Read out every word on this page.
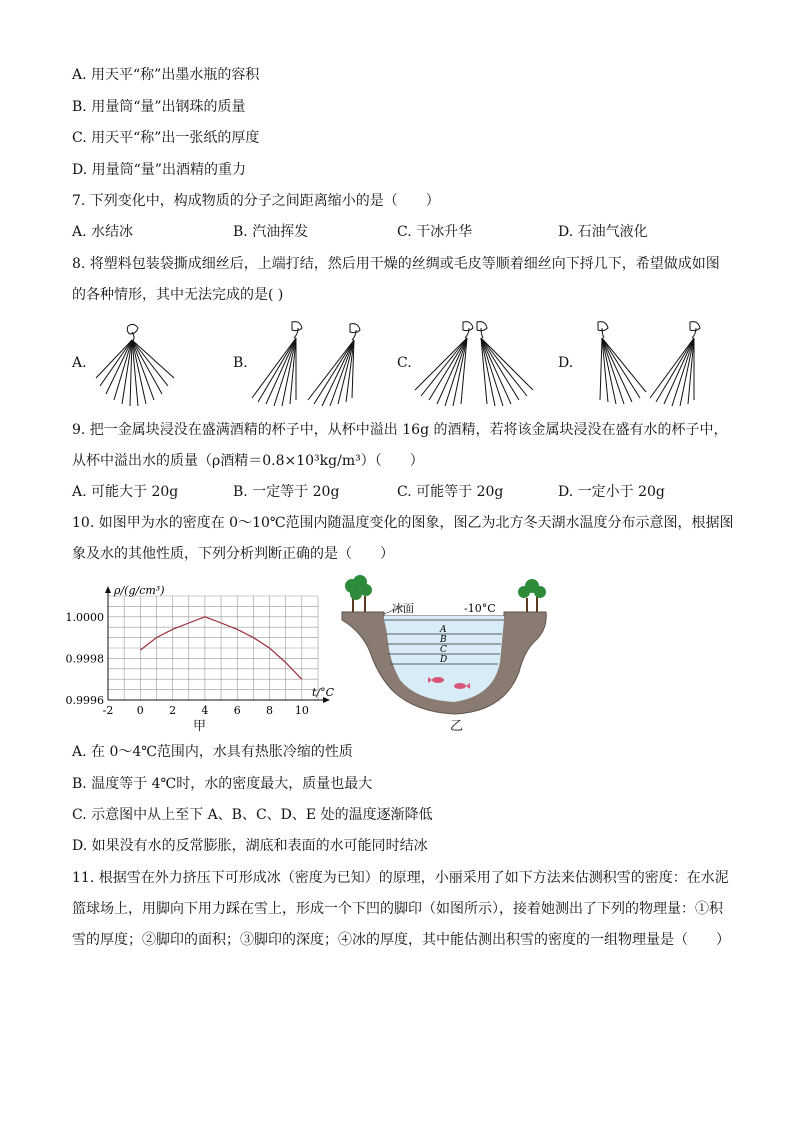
A. 用天平“称”出墨水瓶的容积
B. 用量筒“量”出钢珠的质量
C. 用天平“称”出一张纸的厚度
D. 用量筒“量”出酒精的重力
7. 下列变化中，构成物质的分子之间距离缩小的是（　　）
A. 水结冰	B. 汽油挥发	C. 干冰升华	D. 石油气液化
8. 将塑料包装袋撕成细丝后，上端打结，然后用干燥的丝绸或毛皮等顺着细丝向下捋几下，希望做成如图
的各种情形，其中无法完成的是( )
A.	B.	C.	D.
9. 把一金属块浸没在盛满酒精的杯子中，从杯中溢出 16g 的酒精，若将该金属块浸没在盛有水的杯子中，
从杯中溢出水的质量（ρ酒精＝0.8×10³kg/m³）（　　）
A. 可能大于 20g	B. 一定等于 20g	C. 可能等于 20g	D. 一定小于 20g
10. 如图甲为水的密度在 0～10℃范围内随温度变化的图象，图乙为北方冬天湖水温度分布示意图，根据图
象及水的其他性质，下列分析判断正确的是（　　）
-2 0 2 4 6 8 10
0.9996
0.9998
1.0000
ρ/(g/cm³)
t/°C
甲
冰面	-10°C
A
B
C
D
乙
A. 在 0～4℃范围内，水具有热胀冷缩的性质
B. 温度等于 4℃时，水的密度最大，质量也最大
C. 示意图中从上至下 A、B、C、D、E 处的温度逐渐降低
D. 如果没有水的反常膨胀，湖底和表面的水可能同时结冰
11. 根据雪在外力挤压下可形成冰（密度为已知）的原理，小丽采用了如下方法来估测积雪的密度：在水泥
篮球场上，用脚向下用力踩在雪上，形成一个下凹的脚印（如图所示），接着她测出了下列的物理量：①积
雪的厚度；②脚印的面积；③脚印的深度；④冰的厚度，其中能估测出积雪的密度的一组物理量是（　　）
